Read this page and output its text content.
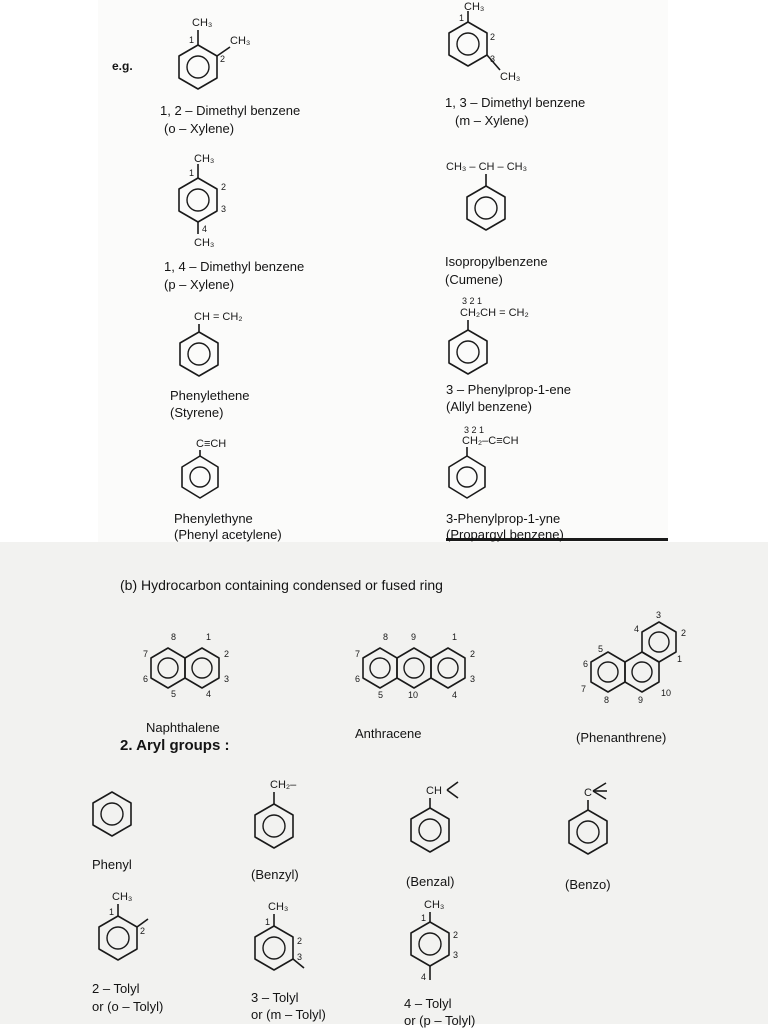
e.g.
CH₃
CH₃
1
2
1, 2 – Dimethyl benzene
(o – Xylene)
CH₃
CH₃
1
2
3
1, 3 – Dimethyl benzene
(m – Xylene)
CH₃
CH₃
1
2
3
4
1, 4 – Dimethyl benzene
(p – Xylene)
CH₃ – CH – CH₃
Isopropylbenzene
(Cumene)
CH = CH₂
Phenylethene
(Styrene)
3 2 1
CH₂CH = CH₂
3 – Phenylprop-1-ene
(Allyl benzene)
C≡CH
Phenylethyne
(Phenyl acetylene)
3 2 1
CH₂–C≡CH
3-Phenylprop-1-yne
(Propargyl benzene)
(b) Hydrocarbon containing condensed or fused ring
8	1
2
3
4
5
6
7
Naphthalene
8	9	1
2
3
4
10
5
6
7
Anthracene
3
4	2
1
5
6
7
8	9
10
(Phenanthrene)
2. Aryl groups :
Phenyl
CH₂–
(Benzyl)
CH
(Benzal)
C
(Benzo)
CH₃
1
2
2 – Tolyl
or (o – Tolyl)
CH₃
1
2
3
3 – Tolyl
or (m – Tolyl)
CH₃
1
2
3
4
4 – Tolyl
or (p – Tolyl)
